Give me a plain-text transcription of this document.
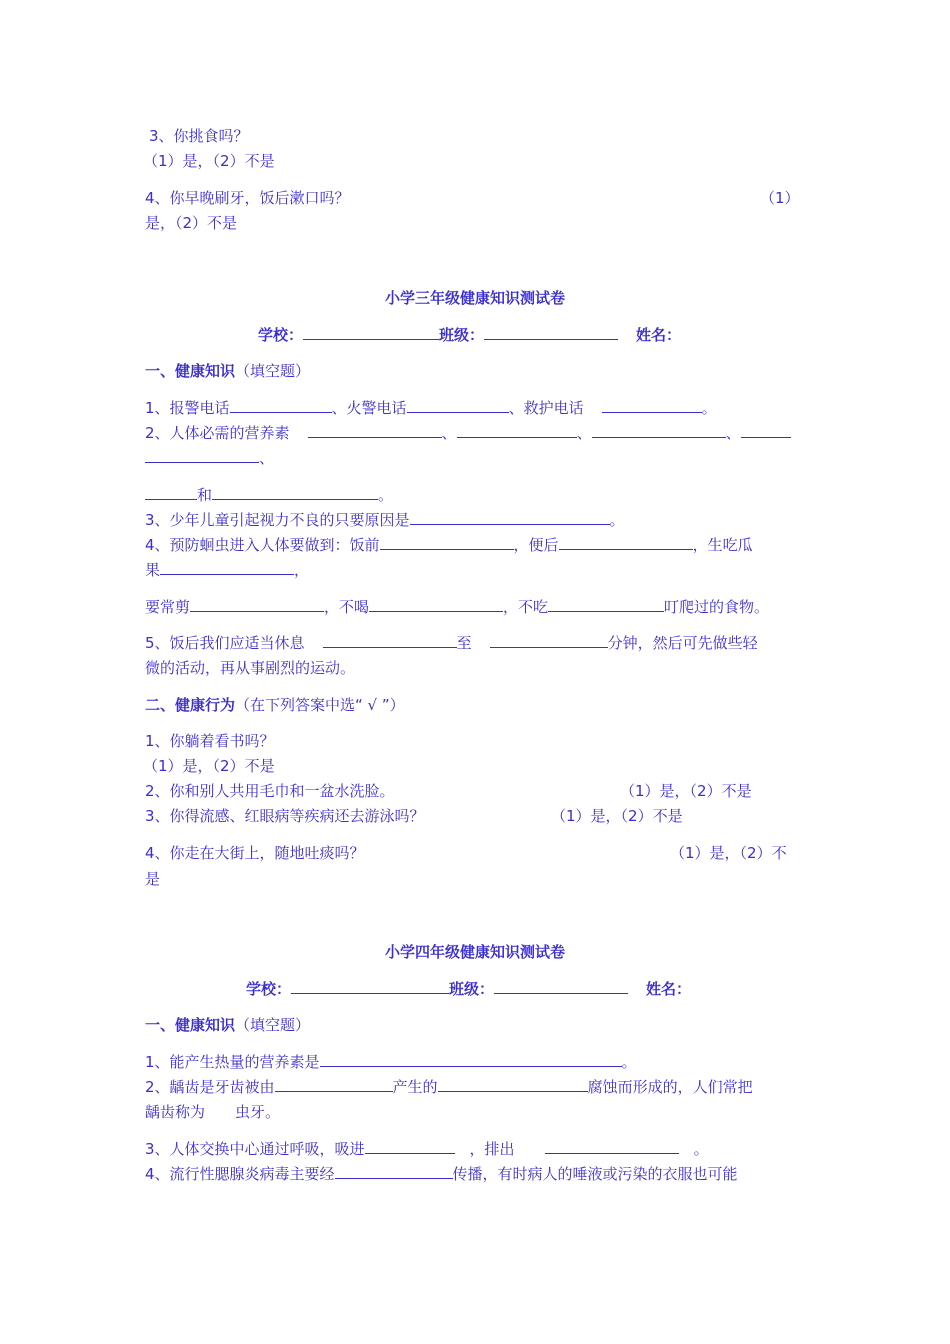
3、你挑食吗？
（1）是，（2）不是
4、你早晚刷牙，饭后漱口吗？	（1）
是，（2）不是
小学三年级健康知识测试卷
学校：	班级：	姓名：
一、健康知识（填空题）
1、报警电话	、火警电话	、救护电话	。
2、人体必需的营养素	、	、	、
、
和	。
3、少年儿童引起视力不良的只要原因是	。
4、预防蛔虫进入人体要做到：饭前	，便后	，生吃瓜
果	，
要常剪	，不喝	，不吃	叮爬过的食物。
5、饭后我们应适当休息	至	分钟，然后可先做些轻
微的活动，再从事剧烈的运动。
二、健康行为（在下列答案中选“ √ ”）
1、你躺着看书吗？
（1）是，（2）不是
2、你和别人共用毛巾和一盆水洗脸。	（1）是，（2）不是
3、你得流感、红眼病等疾病还去游泳吗？	（1）是，（2）不是
4、你走在大街上，随地吐痰吗？	（1）是，（2）不
是
小学四年级健康知识测试卷
学校：	班级：	姓名：
一、健康知识（填空题）
1、能产生热量的营养素是	。
2、龋齿是牙齿被由	产生的	腐蚀而形成的，人们常把
龋齿称为　　虫牙。
3、人体交换中心通过呼吸，吸进	　，排出	　。
4、流行性腮腺炎病毒主要经	传播，有时病人的唾液或污染的衣服也可能
